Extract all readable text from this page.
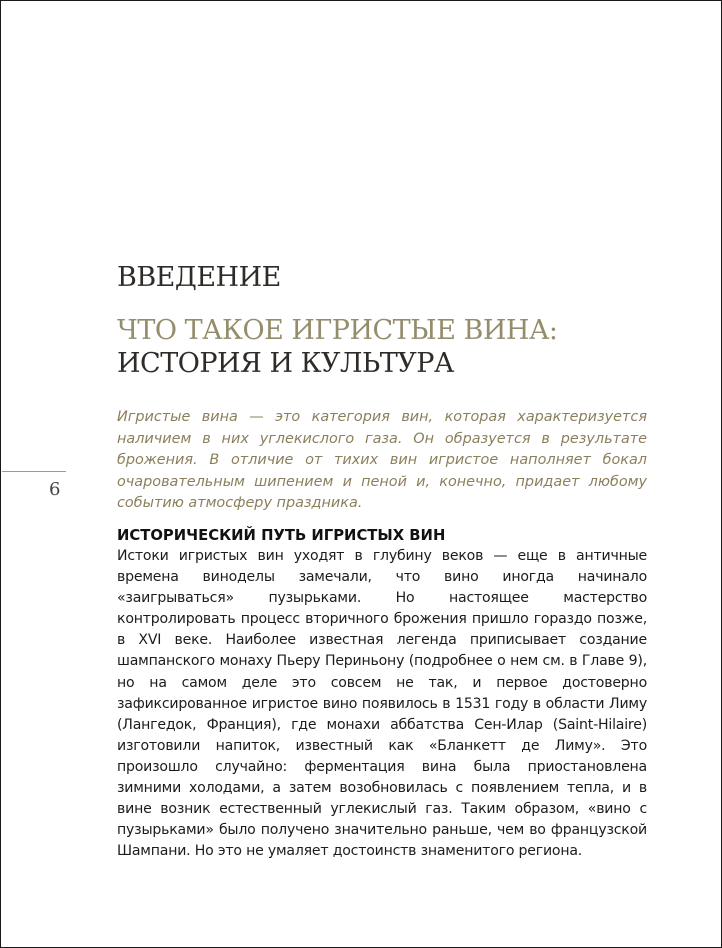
ВВЕДЕНИЕ
ЧТО ТАКОЕ ИГРИСТЫЕ ВИНА:
ИСТОРИЯ И КУЛЬТУРА

Игристые вина — это категория вин, которая характеризуется наличием в них углекислого газа. Он образуется в результате брожения. В отличие от тихих вин игристое наполняет бокал очаровательным шипением и пеной и, конечно, придает любому событию атмосферу праздника.

6
ИСТОРИЧЕСКИЙ ПУТЬ ИГРИСТЫХ ВИН

Истоки игристых вин уходят в глубину веков — еще в античные времена виноделы замечали, что вино иногда начинало «заигрываться» пузырьками. Но настоящее мастерство контролировать процесс вторичного брожения пришло гораздо позже, в XVI веке. Наиболее известная легенда приписывает создание шампанского монаху Пьеру Периньону (подробнее о нем см. в Главе 9), но на самом деле это совсем не так, и первое достоверно зафиксированное игристое вино появилось в 1531 году в области Лиму (Лангедок, Франция), где монахи аббатства Сен-Илар (Saint-Hilaire) изготовили напиток, известный как «Бланкетт де Лиму». Это произошло случайно: ферментация вина была приостановлена зимними холодами, а затем возобновилась с появлением тепла, и в вине возник естественный углекислый газ. Таким образом, «вино с пузырьками» было получено значительно раньше, чем во французской Шампани. Но это не умаляет достоинств знаменитого региона.
